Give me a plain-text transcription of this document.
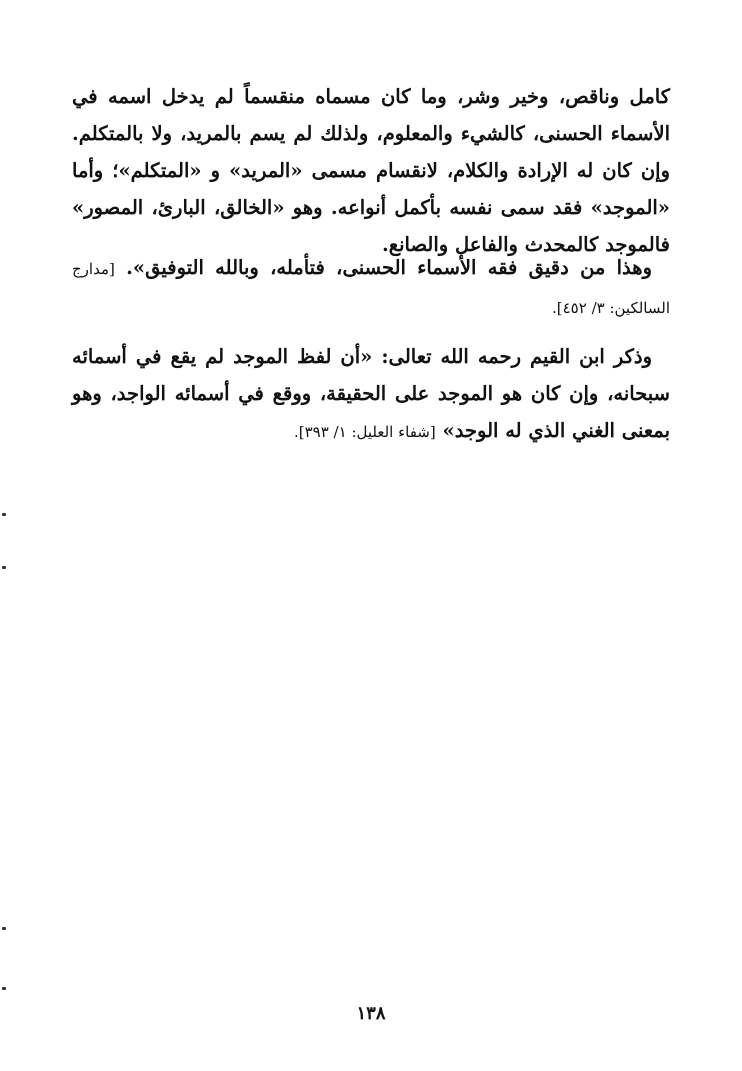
كامل وناقص، وخير وشر، وما كان مسماه منقسماً لم يدخل اسمه في الأسماء الحسنى، كالشيء والمعلوم، ولذلك لم يسم بالمريد، ولا بالمتكلم. وإن كان له الإرادة والكلام، لانقسام مسمى «المريد» و «المتكلم»؛ وأما «الموجد» فقد سمى نفسه بأكمل أنواعه. وهو «الخالق، البارئ، المصور» فالموجد كالمحدث والفاعل والصانع.

وهذا من دقيق فقه الأسماء الحسنى، فتأمله، وبالله التوفيق». [مدارج السالكين: ٣/ ٤٥٢].

وذكر ابن القيم رحمه الله تعالى: «أن لفظ الموجد لم يقع في أسمائه سبحانه، وإن كان هو الموجد على الحقيقة، ووقع في أسمائه الواجد، وهو بمعنى الغني الذي له الوجد» [شفاء العليل: ١/ ٣٩٣].

١٣٨
